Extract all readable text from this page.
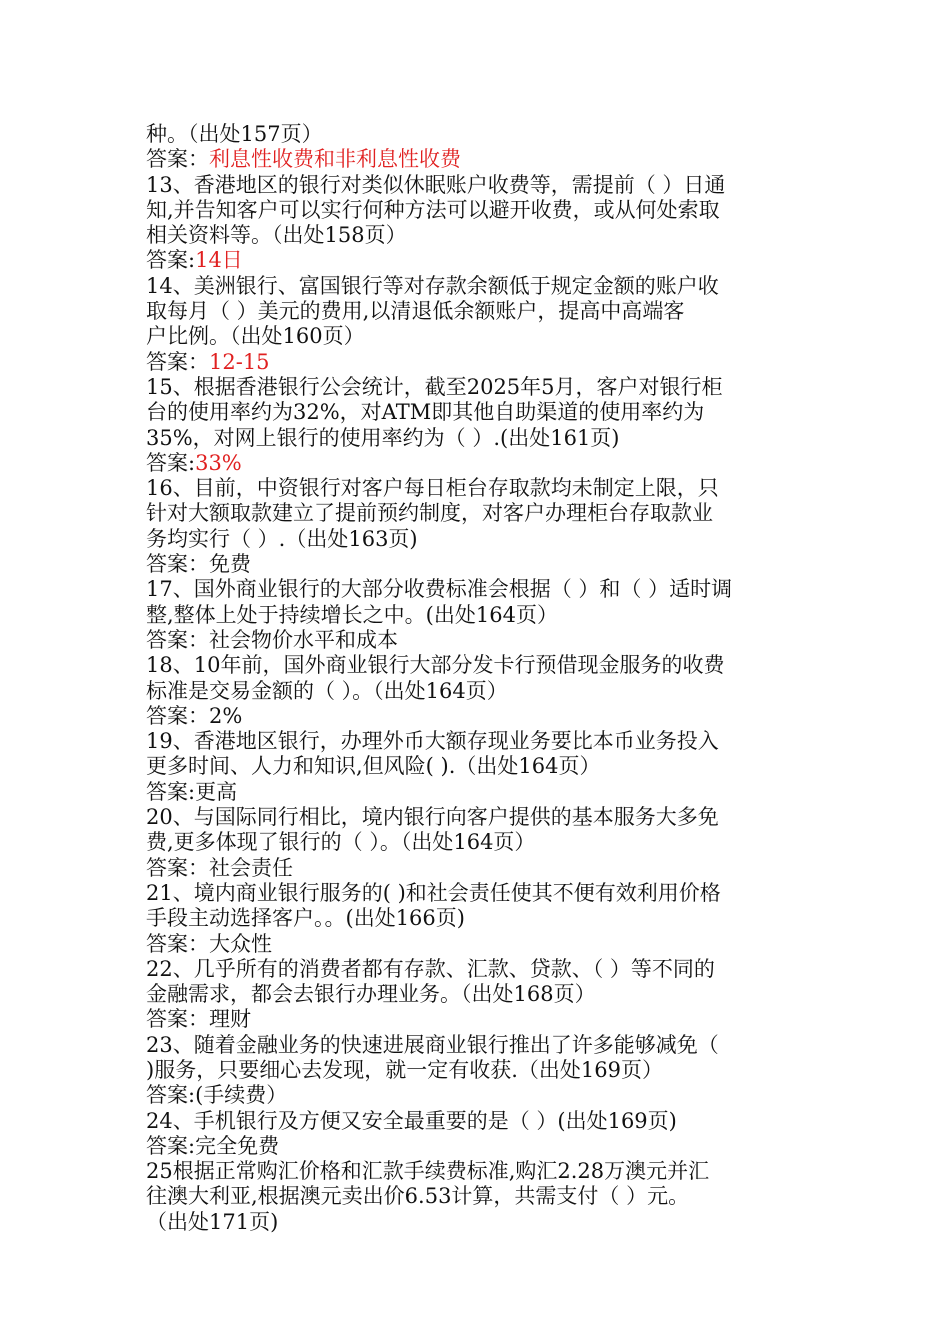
种。（出处157页）
答案：利息性收费和非利息性收费
13、香港地区的银行对类似休眠账户收费等，需提前（ ）日通
知,并告知客户可以实行何种方法可以避开收费，或从何处索取
相关资料等。（出处158页）
答案:14日
14、美洲银行、富国银行等对存款余额低于规定金额的账户收
取每月（ ）美元的费用,以清退低余额账户，提高中高端客
户比例。（出处160页）
答案：12-15
15、根据香港银行公会统计，截至2025年5月，客户对银行柜
台的使用率约为32%，对ATM即其他自助渠道的使用率约为
35%，对网上银行的使用率约为（ ）.(出处161页)
答案:33%
16、目前，中资银行对客户每日柜台存取款均未制定上限，只
针对大额取款建立了提前预约制度，对客户办理柜台存取款业
务均实行（ ）.（出处163页)
答案：免费
17、国外商业银行的大部分收费标准会根据（ ）和（ ）适时调
整,整体上处于持续增长之中。(出处164页）
答案：社会物价水平和成本
18、10年前，国外商业银行大部分发卡行预借现金服务的收费
标准是交易金额的（ ）。（出处164页）
答案：2%
19、香港地区银行，办理外币大额存现业务要比本币业务投入
更多时间、人力和知识,但风险( ).（出处164页）
答案:更高
20、与国际同行相比，境内银行向客户提供的基本服务大多免
费,更多体现了银行的（ ）。（出处164页）
答案：社会责任
21、境内商业银行服务的( )和社会责任使其不便有效利用价格
手段主动选择客户。。(出处166页)
答案：大众性
22、几乎所有的消费者都有存款、汇款、贷款、（ ）等不同的
金融需求，都会去银行办理业务。（出处168页）
答案：理财
23、随着金融业务的快速进展商业银行推出了许多能够减免（
)服务，只要细心去发现，就一定有收获.（出处169页）
答案:(手续费）
24、手机银行及方便又安全最重要的是（ ）(出处169页)
答案:完全免费
25根据正常购汇价格和汇款手续费标准,购汇2.28万澳元并汇
往澳大利亚,根据澳元卖出价6.53计算，共需支付（ ）元。
（出处171页)
